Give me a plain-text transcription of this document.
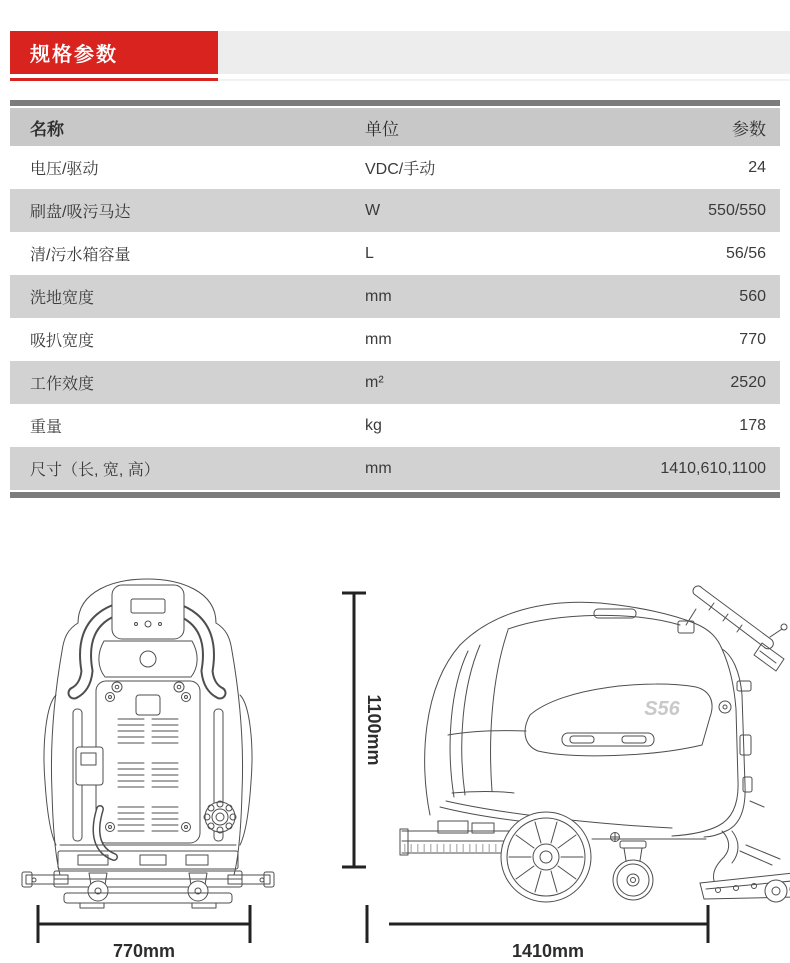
规格参数
名称	单位	参数
电压/驱动	VDC/手动	24
刷盘/吸污马达	W	550/550
清/污水箱容量	L	56/56
洗地宽度	mm	560
吸扒宽度	mm	770
工作效度	m²	2520
重量	kg	178
尺寸（长, 宽, 高）	mm	1410,610,1100
S56
1100mm
770mm	1410mm
